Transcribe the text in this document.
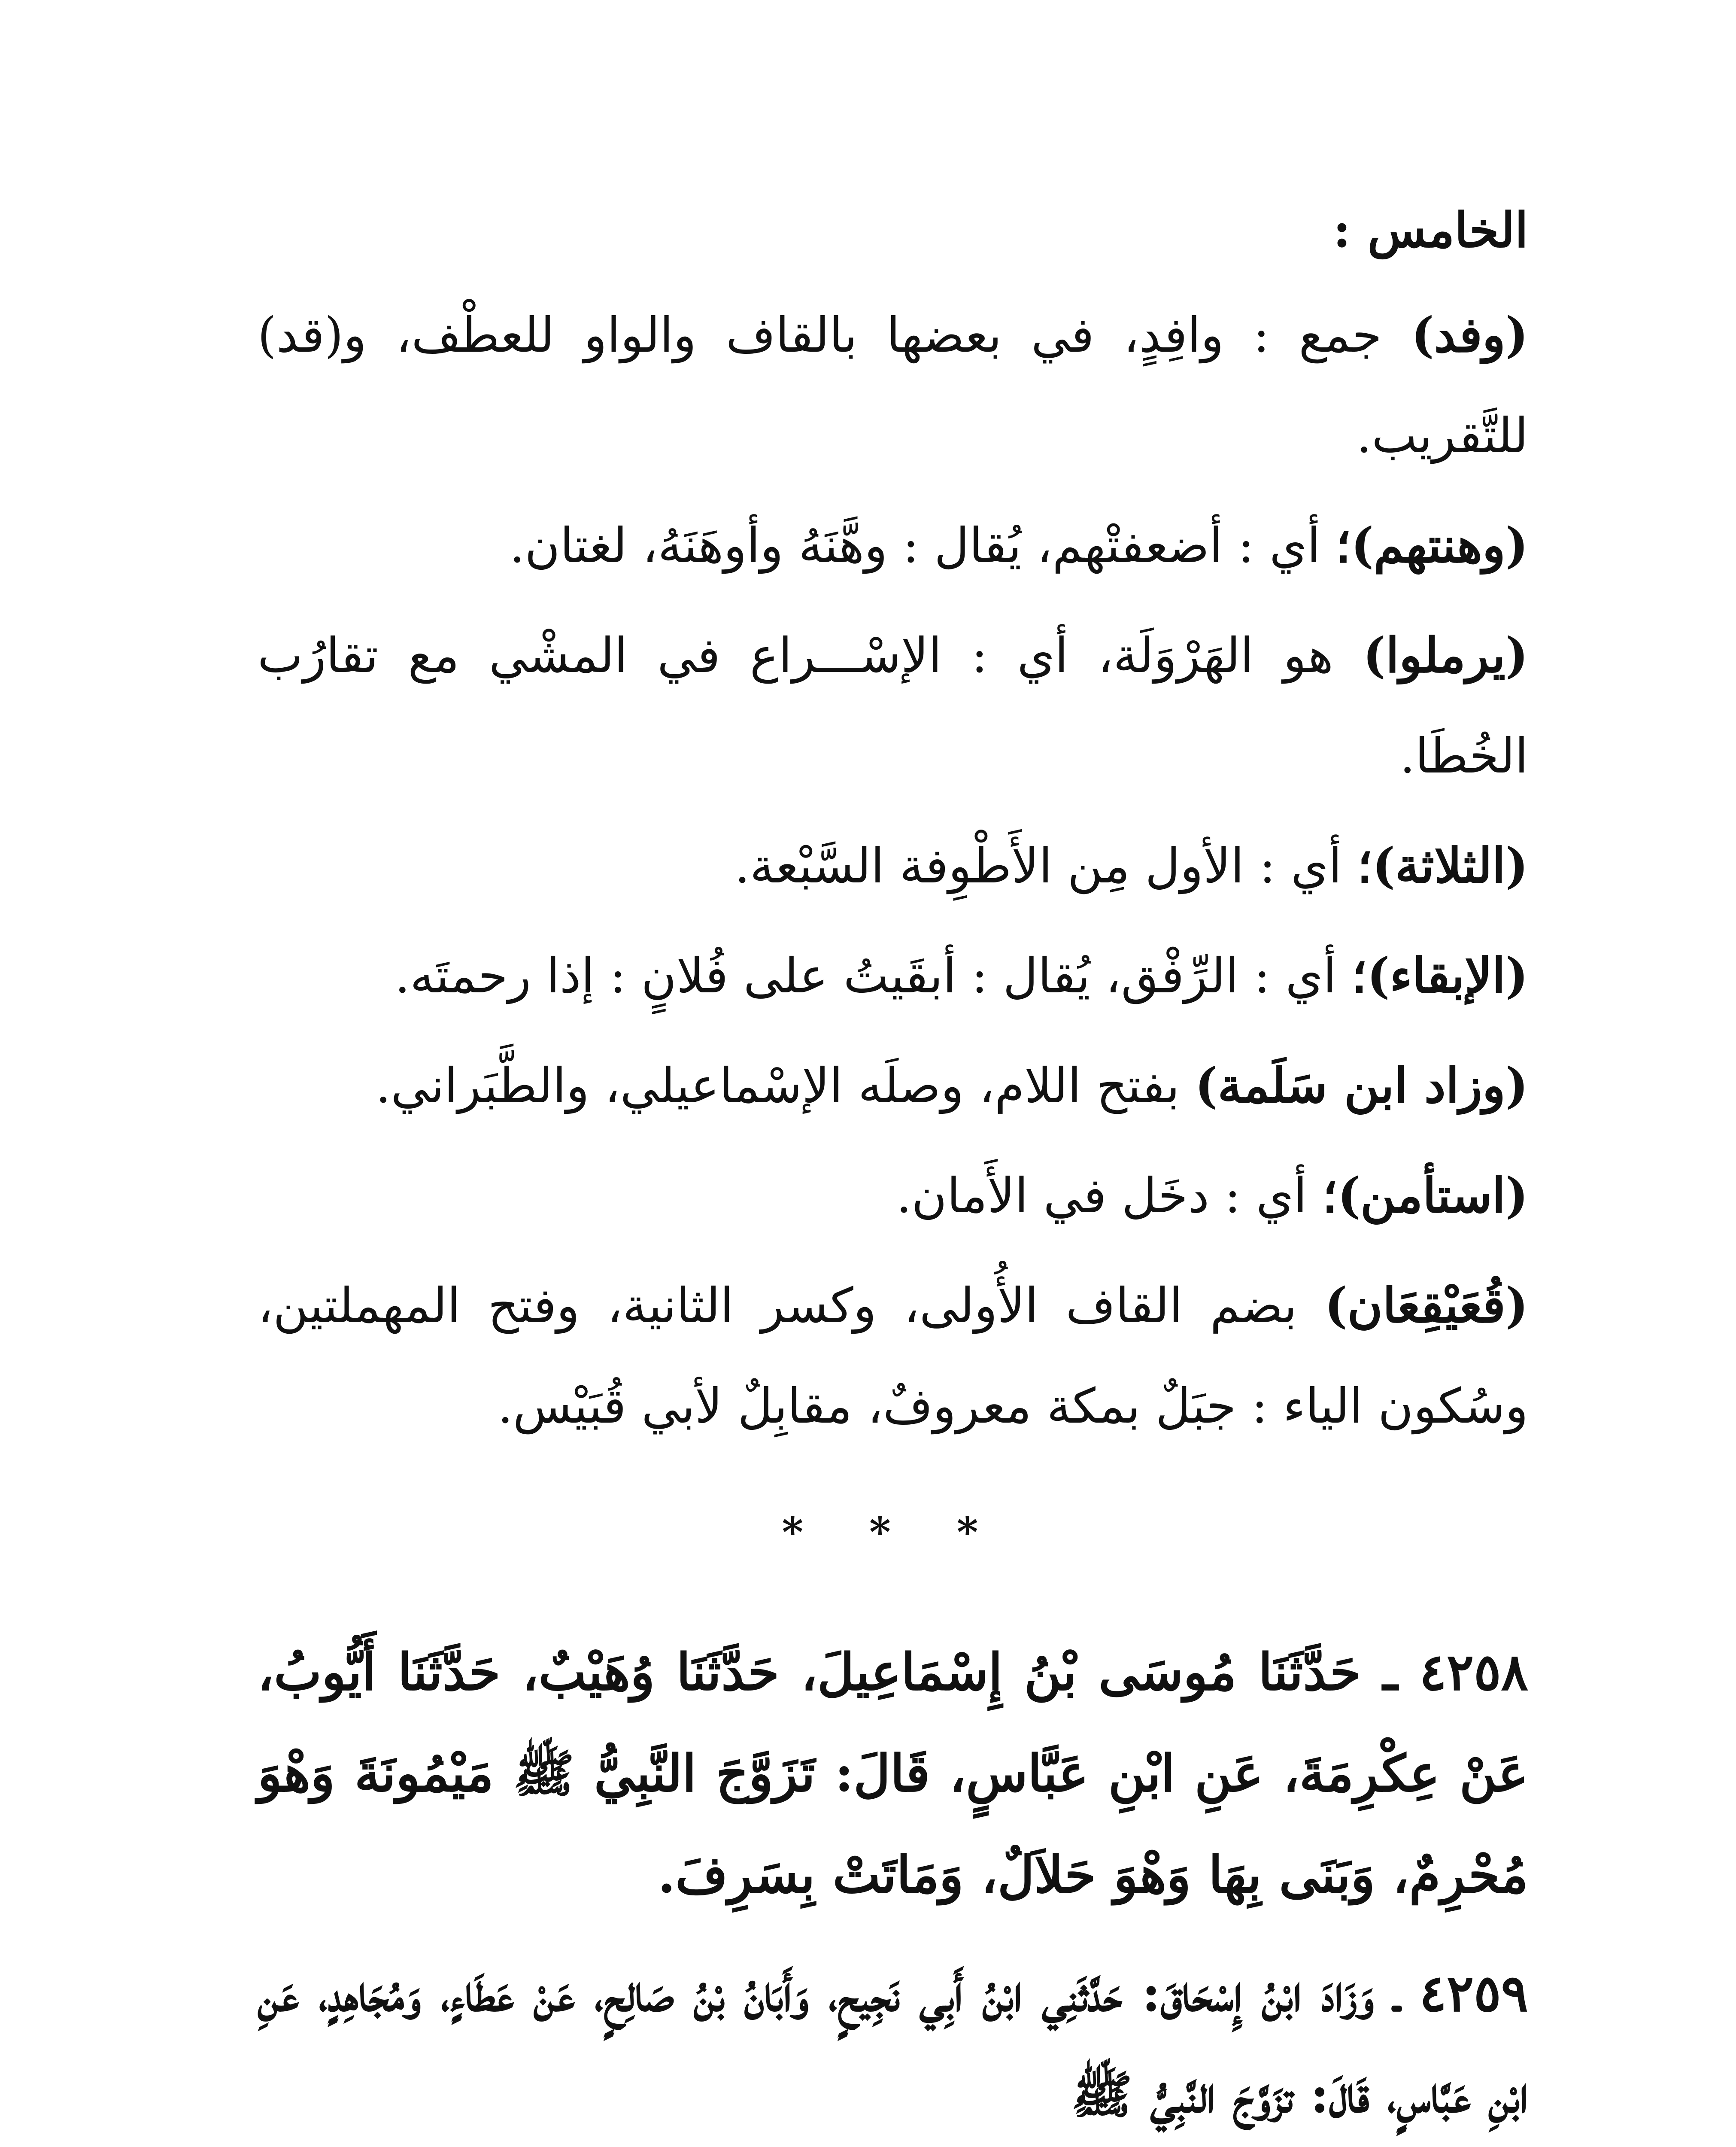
الخامس :
(وفد) جمع : وافِدٍ، في بعضها بالقاف والواو للعطْف، و(قد) للتَّقريب.
(وهنتهم)؛ أي : أضعفتْهم، يُقال : وهَّنَهُ وأوهَنَهُ، لغتان.
(يرملوا) هو الهَرْوَلَة، أي : الإسْـــراع في المشْي مع تقارُب الخُطَا.
(الثلاثة)؛ أي : الأول مِن الأَطْوِفة السَّبْعة.
(الإبقاء)؛ أي : الرِّفْق، يُقال : أبقَيتُ على فُلانٍ : إذا رحمتَه.
(وزاد ابن سَلَمة) بفتح اللام، وصلَه الإسْماعيلي، والطَّبَراني.
(استأمن)؛ أي : دخَل في الأَمان.
(قُعَيْقِعَان) بضم القاف الأُولى، وكسر الثانية، وفتح المهملتين، وسُكون الياء : جبَلٌ بمكة معروفٌ، مقابِلٌ لأبي قُبَيْس.
* * *
٤٢٥٨ ـ حَدَّثَنَا مُوسَى بْنُ إِسْمَاعِيلَ، حَدَّثَنَا وُهَيْبٌ، حَدَّثَنَا أَيُّوبُ، عَنْ عِكْرِمَةَ، عَنِ ابْنِ عَبَّاسٍ، قَالَ: تَزَوَّجَ النَّبِيُّ ﷺ مَيْمُونَةَ وَهْوَ مُحْرِمٌ، وَبَنَى بِهَا وَهْوَ حَلاَلٌ، وَمَاتَتْ بِسَرِفَ.
٤٢٥٩ ـ وَزَادَ ابْنُ إِسْحَاقَ: حَدَّثَنِي ابْنُ أَبِي نَجِيحٍ، وَأَبَانُ بْنُ صَالِحٍ، عَنْ عَطَاءٍ، وَمُجَاهِدٍ، عَنِ ابْنِ عَبَّاسٍ، قَالَ: تزَوَّجَ النَّبِيُّ ﷺ
